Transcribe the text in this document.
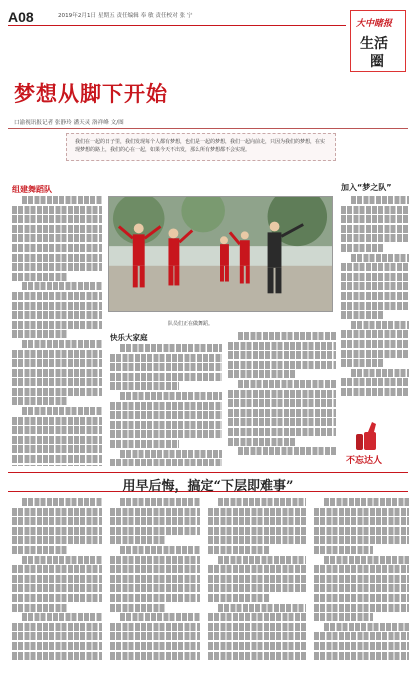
A08	2019年2月1日 星期五 责任编辑 奉 敏 责任校对 张 宁
大中睹报
生活
圈
梦想从脚下开始
口渝视讯报记者 张静玲 潘天灵 洛祥峰 文/图
我们在一起的日子里，我们发现每个人都有梦想，也们是一起的梦想，我们一起向前走，只因为我们的梦想，在实现梦想的路上，我们的心在一起，如果今天不出发，那么所有梦想都不会实现。
组建舞蹈队
快乐大家庭
加入“梦之队”
队员们正在做舞蹈。
不忘达人
用早后悔，搞定“下层即难事”
